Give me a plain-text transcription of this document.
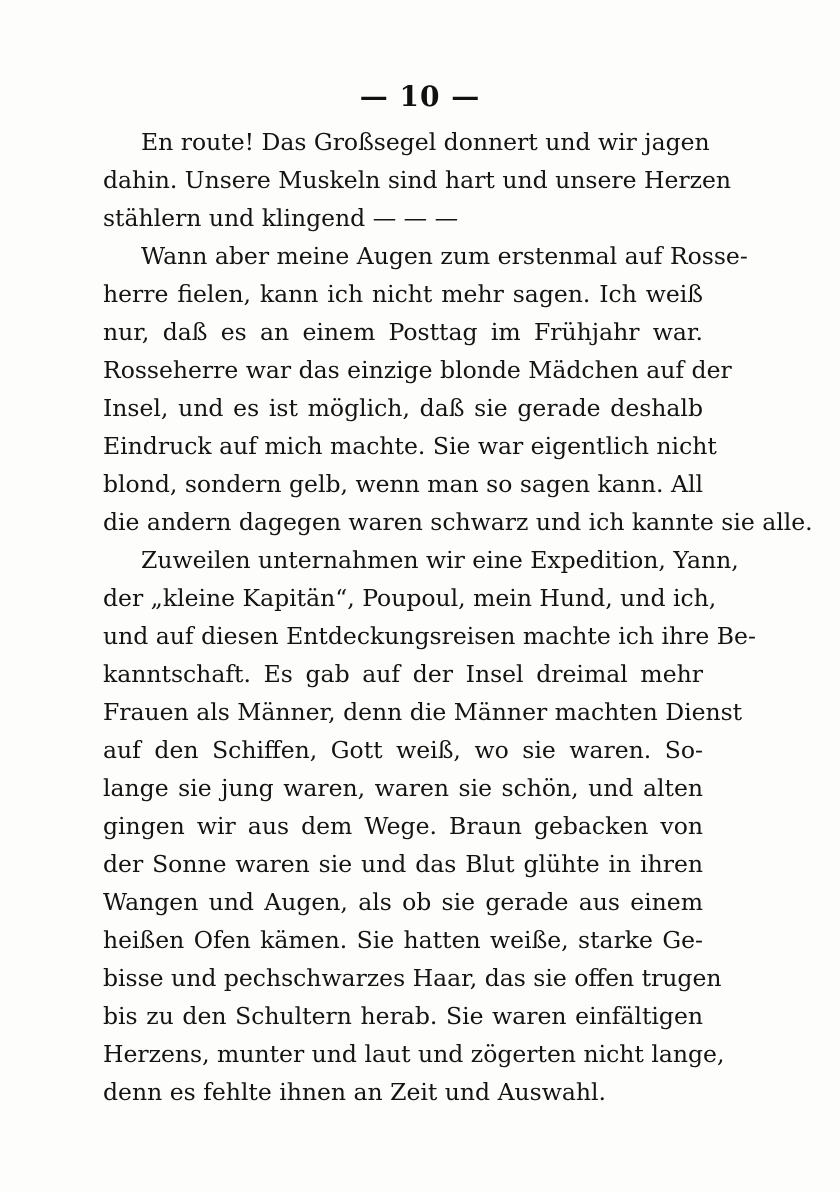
— 10 —
En route! Das Großsegel donnert und wir jagen
dahin. Unsere Muskeln sind hart und unsere Herzen
stählern und klingend — — —
Wann aber meine Augen zum erstenmal auf Rosse-
herre fielen, kann ich nicht mehr sagen. Ich weiß
nur, daß es an einem Posttag im Frühjahr war.
Rosseherre war das einzige blonde Mädchen auf der
Insel, und es ist möglich, daß sie gerade deshalb
Eindruck auf mich machte. Sie war eigentlich nicht
blond, sondern gelb, wenn man so sagen kann. All
die andern dagegen waren schwarz und ich kannte sie alle.
Zuweilen unternahmen wir eine Expedition, Yann,
der „kleine Kapitän“, Poupoul, mein Hund, und ich,
und auf diesen Entdeckungsreisen machte ich ihre Be-
kanntschaft. Es gab auf der Insel dreimal mehr
Frauen als Männer, denn die Männer machten Dienst
auf den Schiffen, Gott weiß, wo sie waren. So-
lange sie jung waren, waren sie schön, und alten
gingen wir aus dem Wege. Braun gebacken von
der Sonne waren sie und das Blut glühte in ihren
Wangen und Augen, als ob sie gerade aus einem
heißen Ofen kämen. Sie hatten weiße, starke Ge-
bisse und pechschwarzes Haar, das sie offen trugen
bis zu den Schultern herab. Sie waren einfältigen
Herzens, munter und laut und zögerten nicht lange,
denn es fehlte ihnen an Zeit und Auswahl.
